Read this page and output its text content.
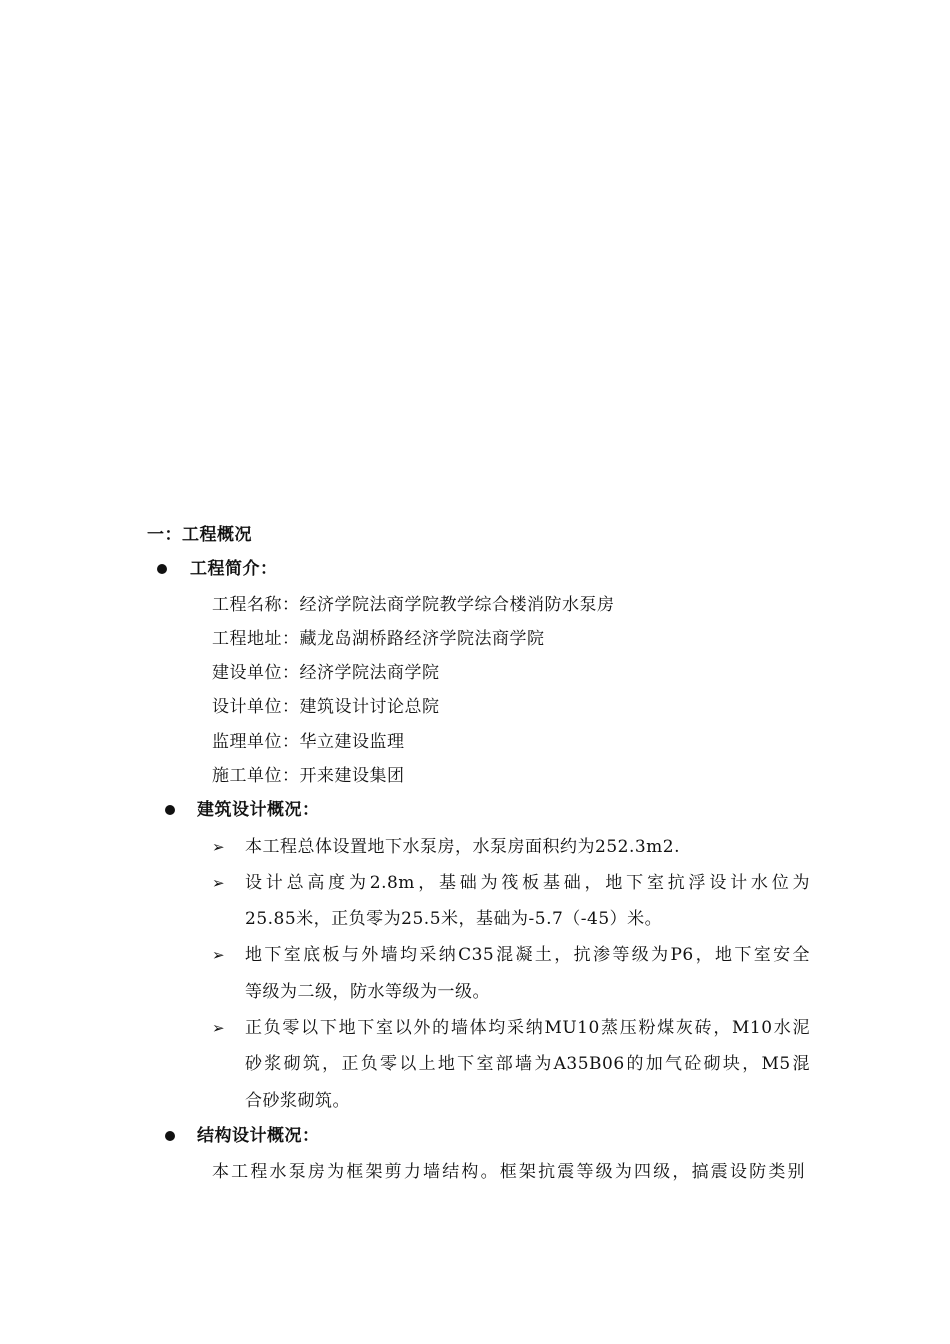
一：工程概况
工程简介：
工程名称：经济学院法商学院教学综合楼消防水泵房
工程地址：藏龙岛湖桥路经济学院法商学院
建设单位：经济学院法商学院
设计单位：建筑设计讨论总院
监理单位：华立建设监理
施工单位：开来建设集团
建筑设计概况：
➢ 本工程总体设置地下水泵房，水泵房面积约为252.3m2.
➢ 设计总高度为2.8m，基础为筏板基础，地下室抗浮设计水位为
25.85米，正负零为25.5米，基础为-5.7（-45）米。
➢ 地下室底板与外墙均采纳C35混凝土，抗渗等级为P6，地下室安全
等级为二级，防水等级为一级。
➢ 正负零以下地下室以外的墙体均采纳MU10蒸压粉煤灰砖，M10水泥
砂浆砌筑，正负零以上地下室部墙为A35B06的加气砼砌块，M5混
合砂浆砌筑。
结构设计概况：
本工程水泵房为框架剪力墙结构。框架抗震等级为四级，搞震设防类别
